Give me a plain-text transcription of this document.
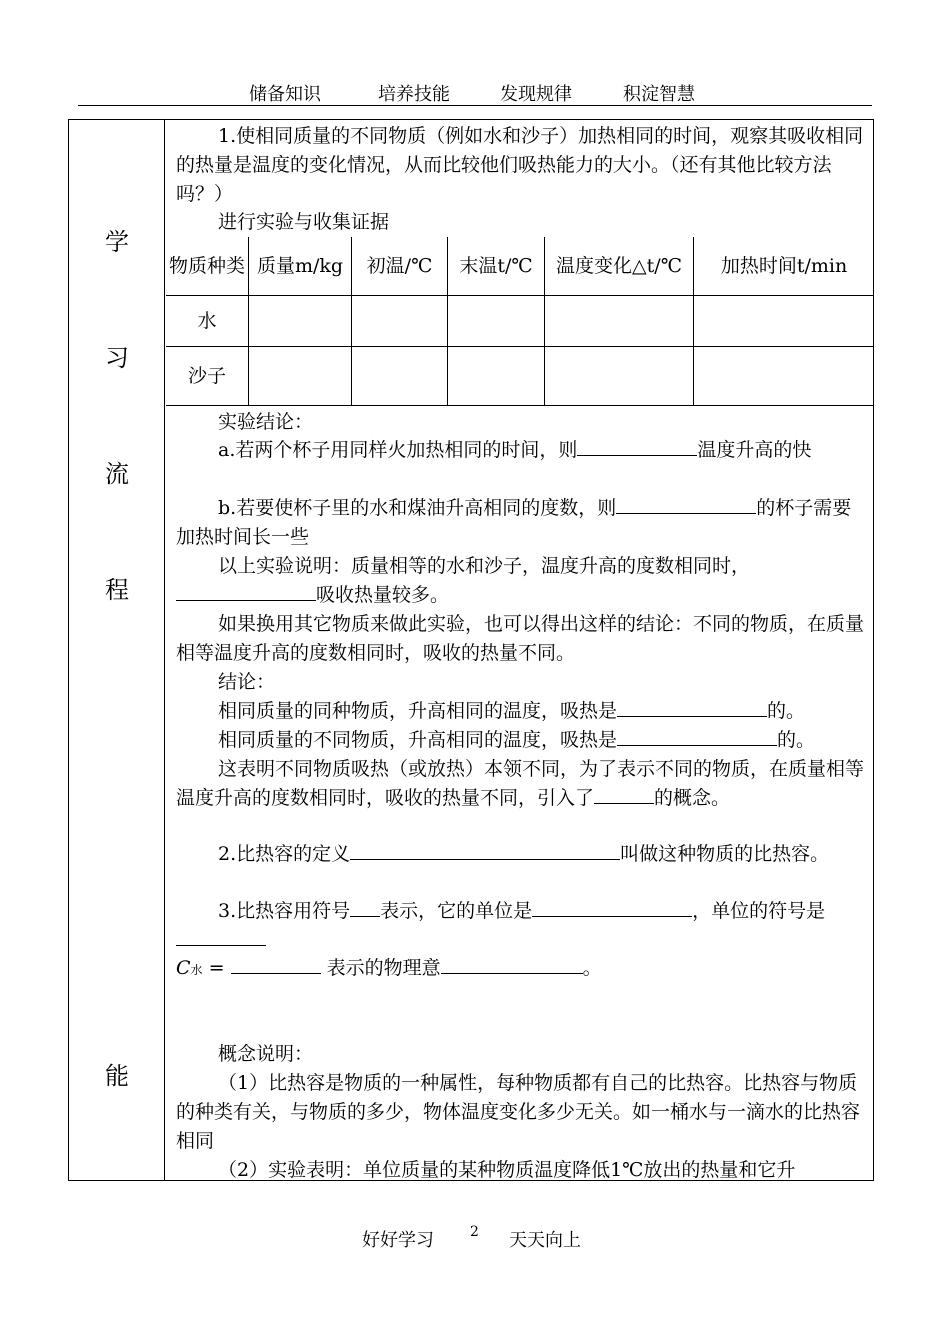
储备知识	培养技能	发现规律	积淀智慧
学
习
流
程
能

1.使相同质量的不同物质（例如水和沙子）加热相同的时间，观察其吸收相同的热量是温度的变化情况，从而比较他们吸热能力的大小。（还有其他比较方法吗？）

进行实验与收集证据

物质种类	质量m/kg	初温/℃	末温t/℃	温度变化△t/℃	加热时间t/min
水					
沙子					

实验结论：

a.若两个杯子用同样火加热相同的时间，则	温度升高的快

b.若要使杯子里的水和煤油升高相同的度数，则	的杯子需要加热时间长一些

以上实验说明：质量相等的水和沙子，温度升高的度数相同时，吸收热量较多。

如果换用其它物质来做此实验，也可以得出这样的结论：不同的物质，在质量相等温度升高的度数相同时，吸收的热量不同。

结论：

相同质量的同种物质，升高相同的温度，吸热是	的。

相同质量的不同物质，升高相同的温度，吸热是	的。

这表明不同物质吸热（或放热）本领不同，为了表示不同的物质，在质量相等温度升高的度数相同时，吸收的热量不同，引入了	的概念。

2.比热容的定义	叫做这种物质的比热容。

3.比热容用符号 表示，它的单位是	，单位的符号是

C水 =	表示的物理意	。

概念说明：

（1）比热容是物质的一种属性，每种物质都有自己的比热容。比热容与物质的种类有关，与物质的多少，物体温度变化多少无关。如一桶水与一滴水的比热容相同

（2）实验表明：单位质量的某种物质温度降低1℃放出的热量和它升

好好学习	2 天天向上
